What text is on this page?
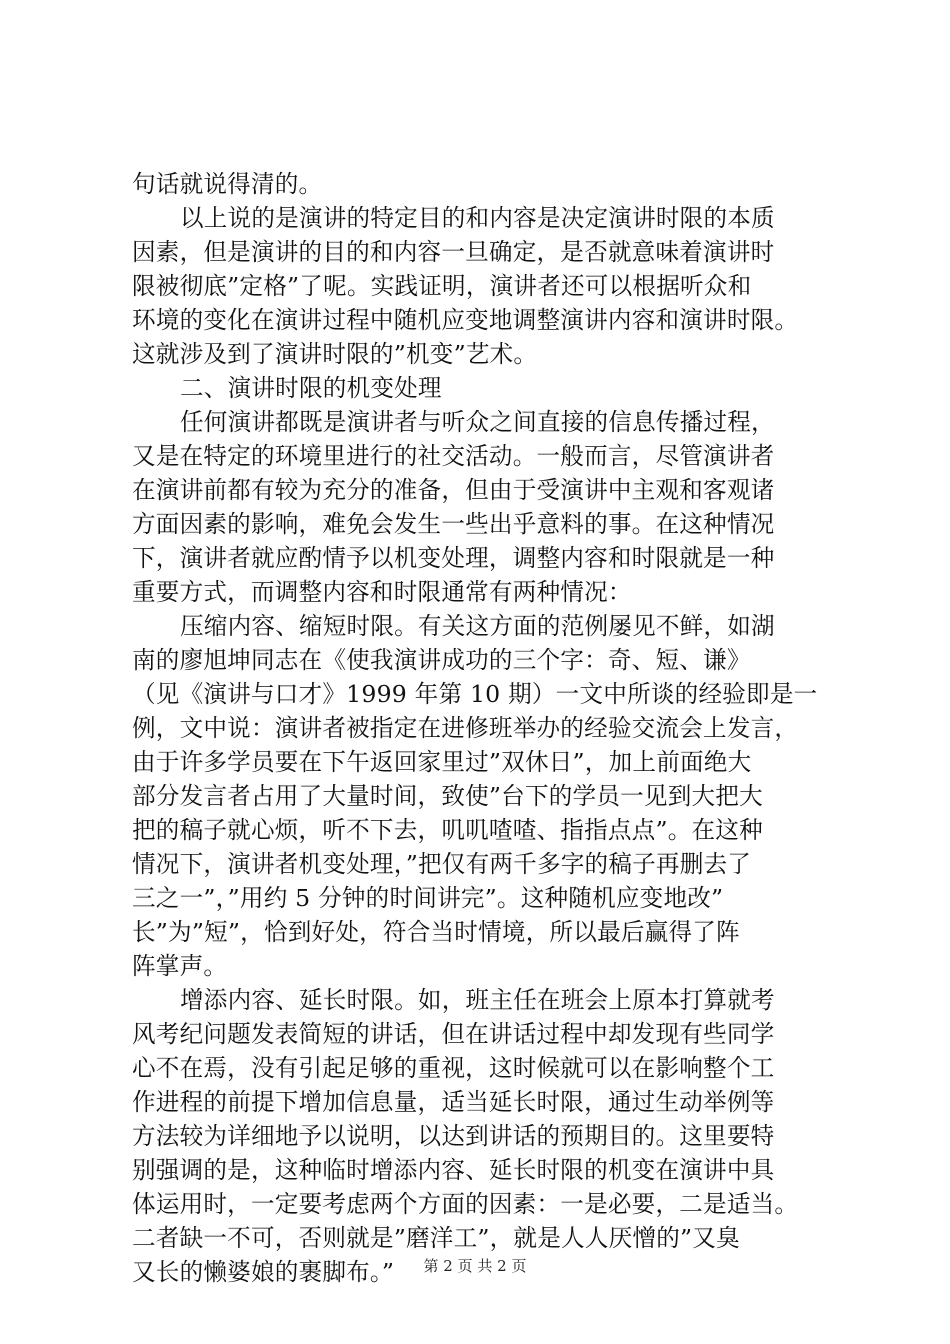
句话就说得清的。
以上说的是演讲的特定目的和内容是决定演讲时限的本质
因素，但是演讲的目的和内容一旦确定，是否就意味着演讲时
限被彻底”定格”了呢。实践证明，演讲者还可以根据听众和
环境的变化在演讲过程中随机应变地调整演讲内容和演讲时限。
这就涉及到了演讲时限的”机变”艺术。
二、演讲时限的机变处理
任何演讲都既是演讲者与听众之间直接的信息传播过程，
又是在特定的环境里进行的社交活动。一般而言，尽管演讲者
在演讲前都有较为充分的准备，但由于受演讲中主观和客观诸
方面因素的影响，难免会发生一些出乎意料的事。在这种情况
下，演讲者就应酌情予以机变处理，调整内容和时限就是一种
重要方式，而调整内容和时限通常有两种情况：
压缩内容、缩短时限。有关这方面的范例屡见不鲜，如湖
南的廖旭坤同志在《使我演讲成功的三个字：奇、短、谦》
（见《演讲与口才》1999 年第 10 期）一文中所谈的经验即是一
例，文中说：演讲者被指定在进修班举办的经验交流会上发言，
由于许多学员要在下午返回家里过”双休日”，加上前面绝大
部分发言者占用了大量时间，致使”台下的学员一见到大把大
把的稿子就心烦，听不下去，叽叽喳喳、指指点点”。在这种
情况下，演讲者机变处理，”把仅有两千多字的稿子再删去了
三之一”，”用约 5 分钟的时间讲完”。这种随机应变地改”
长”为”短”，恰到好处，符合当时情境，所以最后赢得了阵
阵掌声。
增添内容、延长时限。如，班主任在班会上原本打算就考
风考纪问题发表简短的讲话，但在讲话过程中却发现有些同学
心不在焉，没有引起足够的重视，这时候就可以在影响整个工
作进程的前提下增加信息量，适当延长时限，通过生动举例等
方法较为详细地予以说明，以达到讲话的预期目的。这里要特
别强调的是，这种临时增添内容、延长时限的机变在演讲中具
体运用时，一定要考虑两个方面的因素：一是必要，二是适当。
二者缺一不可，否则就是”磨洋工”，就是人人厌憎的”又臭
又长的懒婆娘的裹脚布。”	第 2 页 共 2 页
